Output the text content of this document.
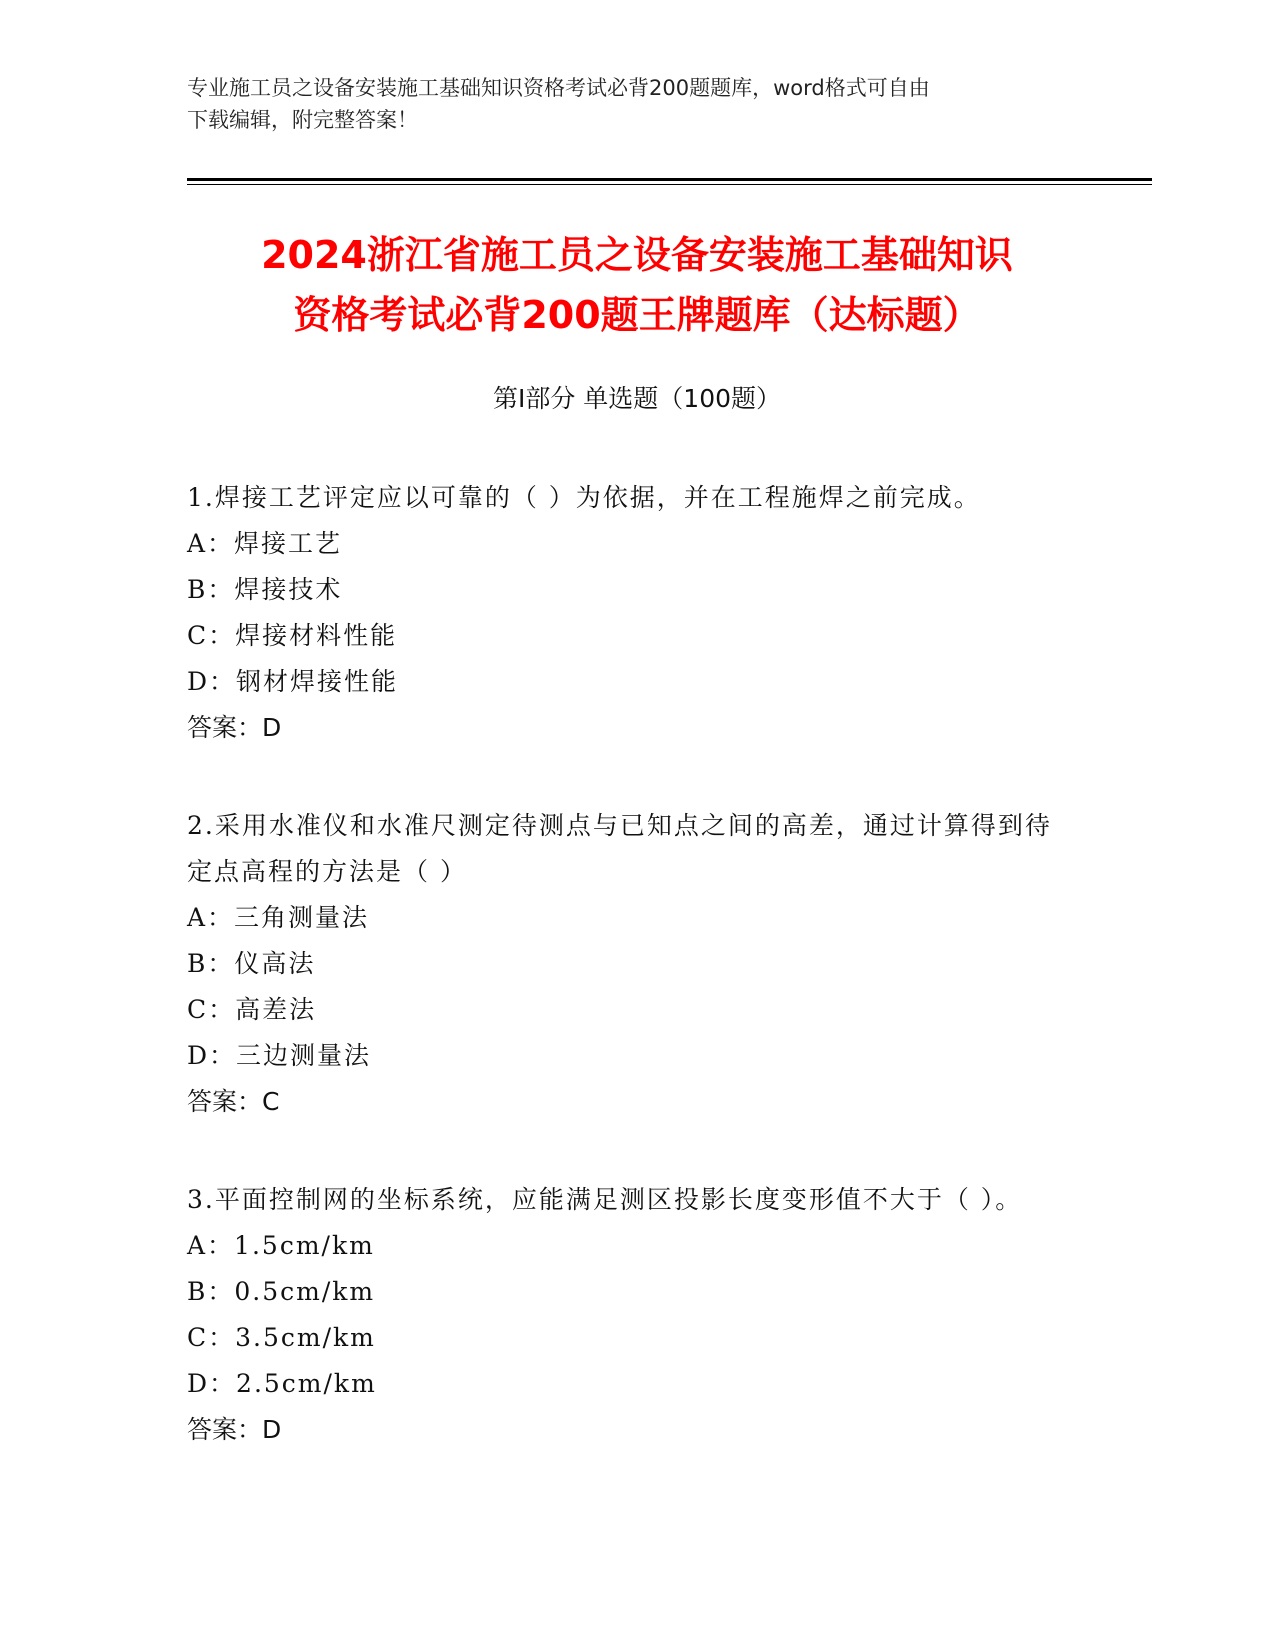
专业施工员之设备安装施工基础知识资格考试必背200题题库，word格式可自由
下载编辑，附完整答案！
2024浙江省施工员之设备安装施工基础知识
资格考试必背200题王牌题库（达标题）
第Ⅰ部分 单选题（100题）
1.焊接工艺评定应以可靠的（ ）为依据，并在工程施焊之前完成。
A：焊接工艺
B：焊接技术
C：焊接材料性能
D：钢材焊接性能
答案：D
2.采用水准仪和水准尺测定待测点与已知点之间的高差，通过计算得到待定点高程的方法是（ ）
A：三角测量法
B：仪高法
C：高差法
D：三边测量法
答案：C
3.平面控制网的坐标系统，应能满足测区投影长度变形值不大于（ ）。
A：1.5cm/km
B：0.5cm/km
C：3.5cm/km
D：2.5cm/km
答案：D
